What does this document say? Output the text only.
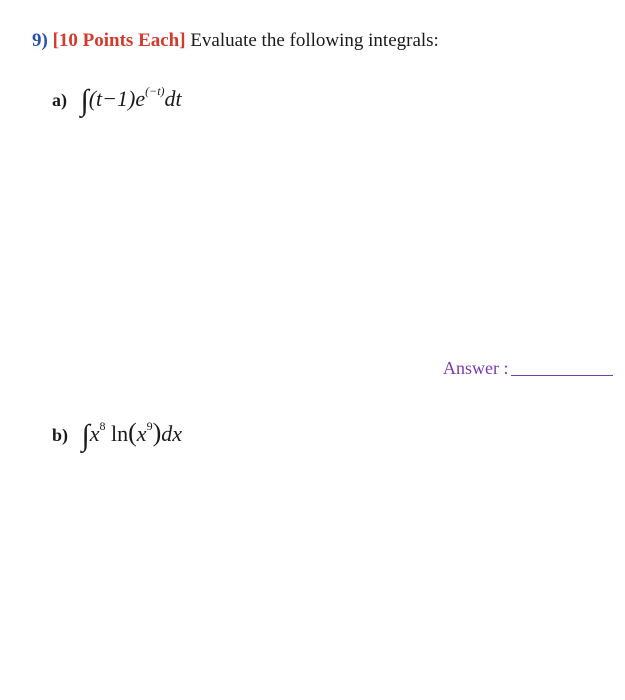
9) [10 Points Each] Evaluate the following integrals:
a) $\int(t-1)e^{(-t)}dt$
Answer :
b) $\int x^8$ $\ln(x^9)dx$
